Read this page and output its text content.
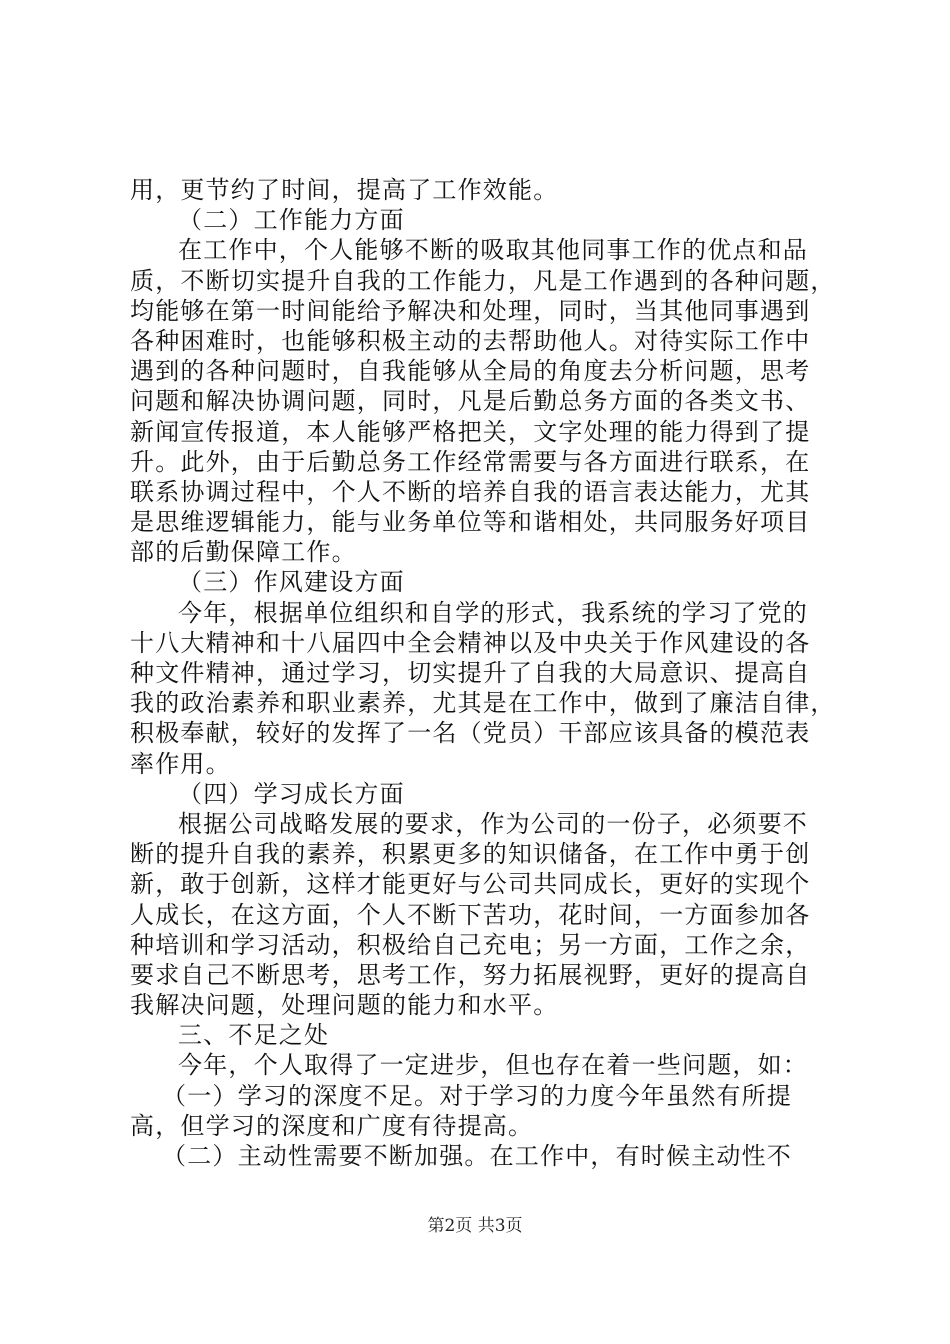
用，更节约了时间，提高了工作效能。
（二）工作能力方面
在工作中，个人能够不断的吸取其他同事工作的优点和品
质，不断切实提升自我的工作能力，凡是工作遇到的各种问题，
均能够在第一时间能给予解决和处理，同时，当其他同事遇到
各种困难时，也能够积极主动的去帮助他人。对待实际工作中
遇到的各种问题时，自我能够从全局的角度去分析问题，思考
问题和解决协调问题，同时，凡是后勤总务方面的各类文书、
新闻宣传报道，本人能够严格把关，文字处理的能力得到了提
升。此外，由于后勤总务工作经常需要与各方面进行联系，在
联系协调过程中，个人不断的培养自我的语言表达能力，尤其
是思维逻辑能力，能与业务单位等和谐相处，共同服务好项目
部的后勤保障工作。
（三）作风建设方面
今年，根据单位组织和自学的形式，我系统的学习了党的
十八大精神和十八届四中全会精神以及中央关于作风建设的各
种文件精神，通过学习，切实提升了自我的大局意识、提高自
我的政治素养和职业素养，尤其是在工作中，做到了廉洁自律，
积极奉献，较好的发挥了一名（党员）干部应该具备的模范表
率作用。
（四）学习成长方面
根据公司战略发展的要求，作为公司的一份子，必须要不
断的提升自我的素养，积累更多的知识储备，在工作中勇于创
新，敢于创新，这样才能更好与公司共同成长，更好的实现个
人成长，在这方面，个人不断下苦功，花时间，一方面参加各
种培训和学习活动，积极给自己充电；另一方面，工作之余，
要求自己不断思考，思考工作，努力拓展视野，更好的提高自
我解决问题，处理问题的能力和水平。
三、不足之处
今年，个人取得了一定进步，但也存在着一些问题，如：
（一）学习的深度不足。对于学习的力度今年虽然有所提
高，但学习的深度和广度有待提高。
（二）主动性需要不断加强。在工作中，有时候主动性不
第2页 共3页
